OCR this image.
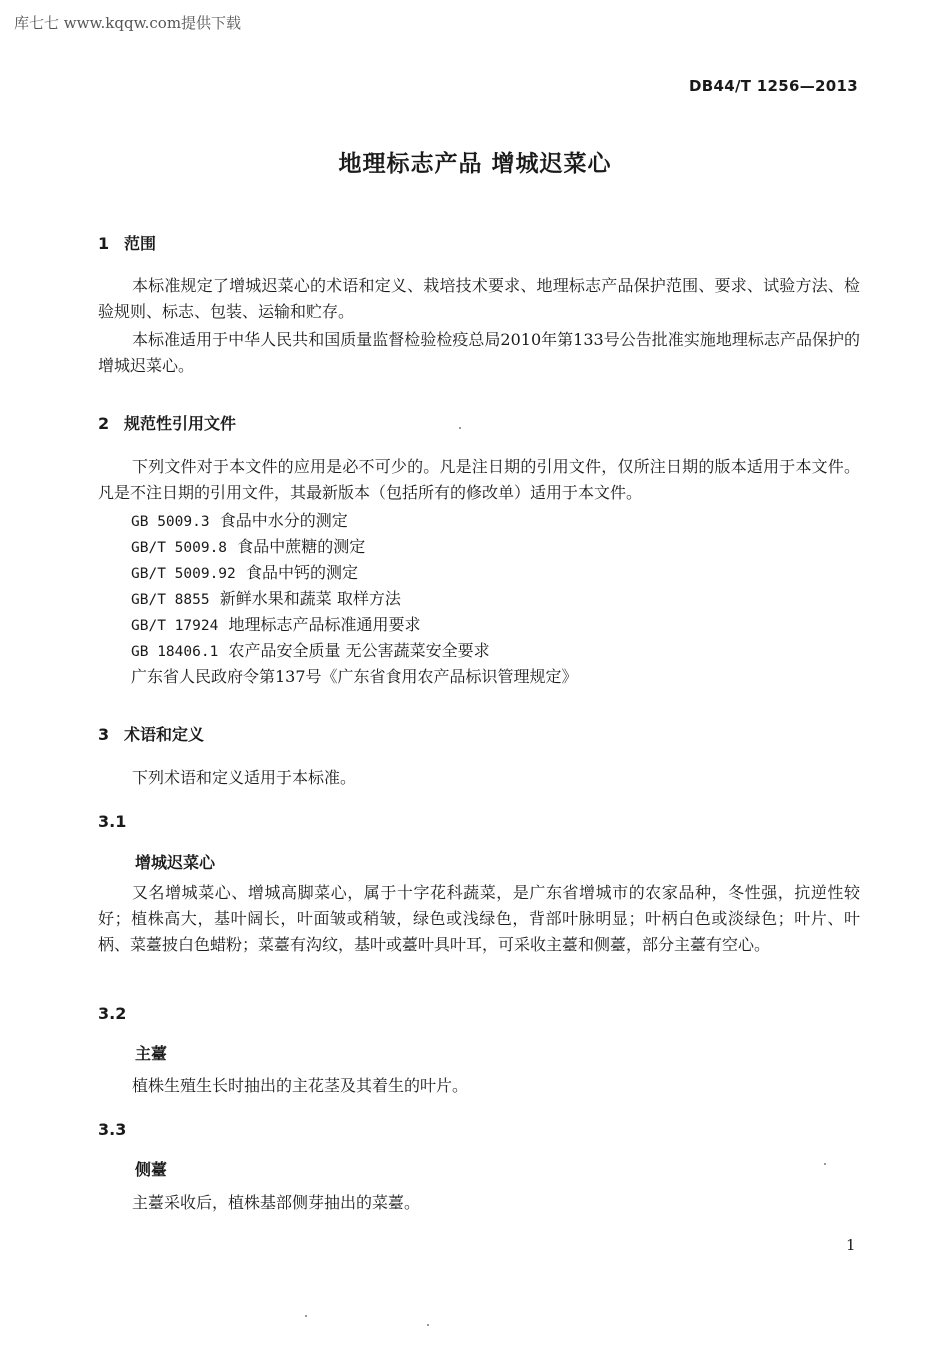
库七七 www.kqqw.com提供下载
DB44/T 1256—2013
地理标志产品 增城迟菜心
1 范围
本标准规定了增城迟菜心的术语和定义、栽培技术要求、地理标志产品保护范围、要求、试验方法、检验规则、标志、包装、运输和贮存。
本标准适用于中华人民共和国质量监督检验检疫总局2010年第133号公告批准实施地理标志产品保护的增城迟菜心。
2 规范性引用文件
下列文件对于本文件的应用是必不可少的。凡是注日期的引用文件，仅所注日期的版本适用于本文件。凡是不注日期的引用文件，其最新版本（包括所有的修改单）适用于本文件。
GB 5009.3 食品中水分的测定
GB/T 5009.8 食品中蔗糖的测定
GB/T 5009.92 食品中钙的测定
GB/T 8855 新鲜水果和蔬菜 取样方法
GB/T 17924 地理标志产品标准通用要求
GB 18406.1 农产品安全质量 无公害蔬菜安全要求
广东省人民政府令第137号《广东省食用农产品标识管理规定》
3 术语和定义
下列术语和定义适用于本标准。
3.1
增城迟菜心
又名增城菜心、增城高脚菜心，属于十字花科蔬菜，是广东省增城市的农家品种，冬性强，抗逆性较好；植株高大，基叶阔长，叶面皱或稍皱，绿色或浅绿色，背部叶脉明显；叶柄白色或淡绿色；叶片、叶柄、菜薹披白色蜡粉；菜薹有沟纹，基叶或薹叶具叶耳，可采收主薹和侧薹，部分主薹有空心。
3.2
主薹
植株生殖生长时抽出的主花茎及其着生的叶片。
3.3
侧薹
主薹采收后，植株基部侧芽抽出的菜薹。
1
